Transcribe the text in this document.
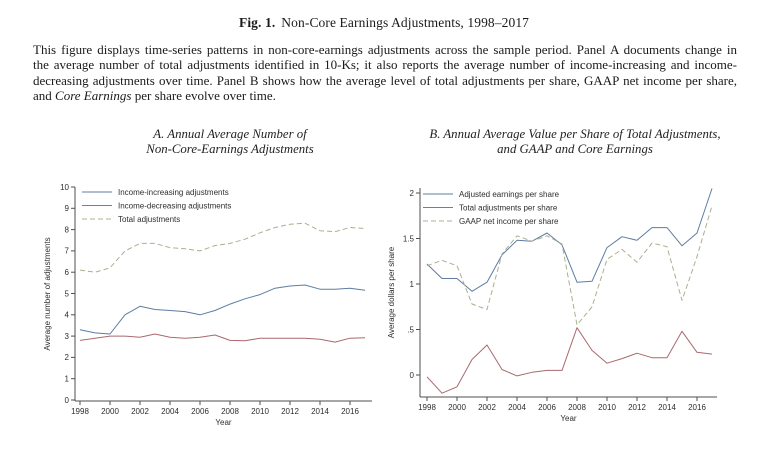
Fig. 1. Non-Core Earnings Adjustments, 1998–2017
This figure displays time-series patterns in non-core-earnings adjustments across the sample period. Panel A documents change in
the average number of total adjustments identified in 10-Ks; it also reports the average number of income-increasing and income-
decreasing adjustments over time. Panel B shows how the average level of total adjustments per share, GAAP net income per share,
and Core Earnings per share evolve over time.
A. Annual Average Number of
Non-Core-Earnings Adjustments
B. Annual Average Value per Share of Total Adjustments,
and GAAP and Core Earnings
0
1
2
3
4
5
6
7
8
9
10
1998 2000 2002 2004 2006 2008 2010 2012 2014 2016
Average number of adjustments
Year
Income-increasing adjustments
Income-decreasing adjustments
Total adjustments
0
.5
1
1.5
2
1998 2000 2002 2004 2006 2008 2010 2012 2014 2016
Average dollars per share
Year
Adjusted earnings per share
Total adjustments per share
GAAP net income per share
